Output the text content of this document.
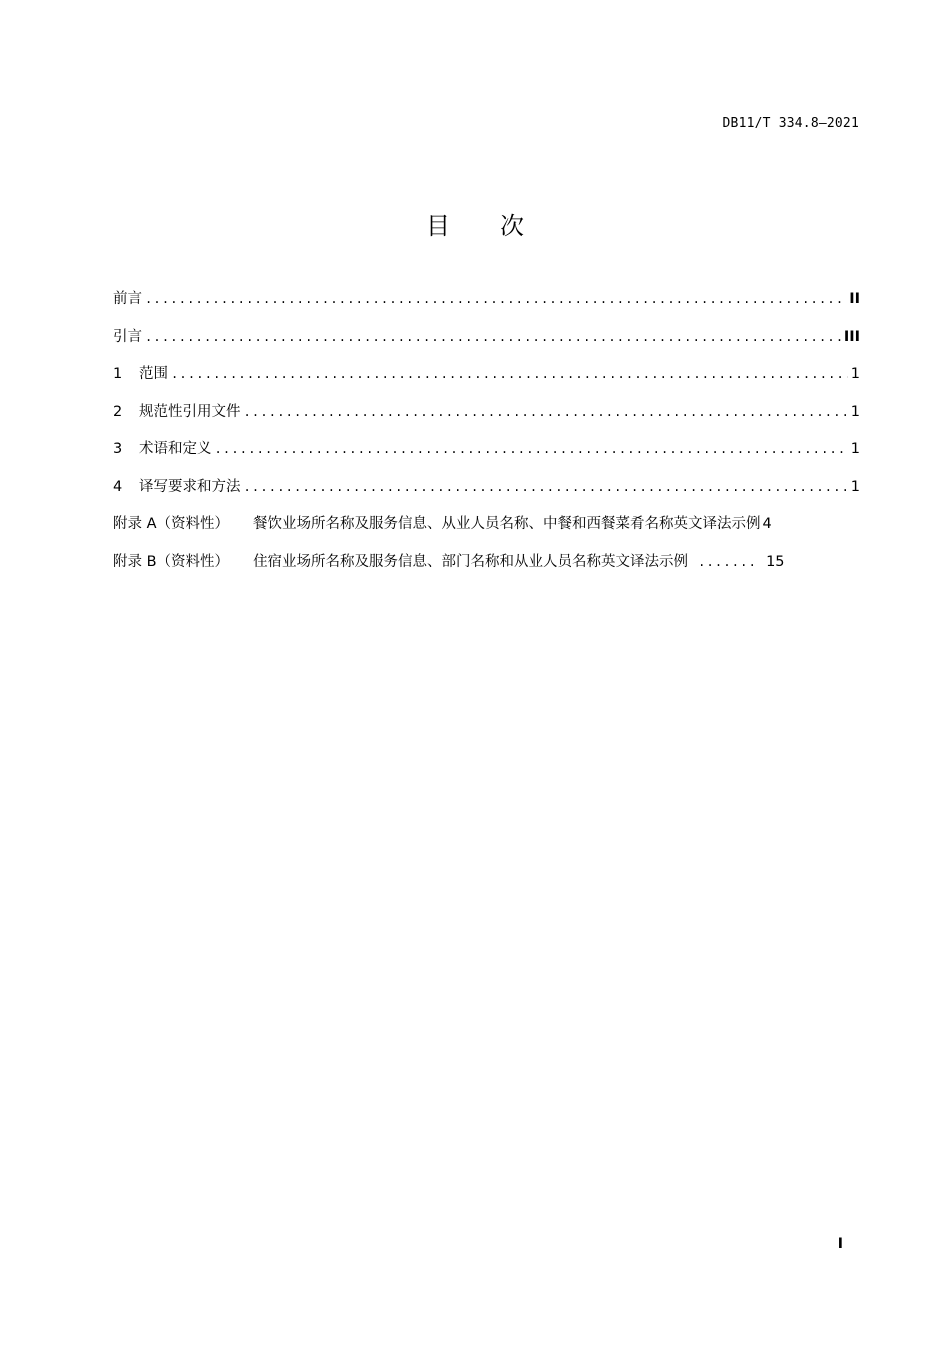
DB11/T 334.8—2021
目 次
前言 .....	II
引言 .....	III
1	范围 .....	1
2	规范性引用文件 .....	1
3	术语和定义 .....	1
4	译写要求和方法 .....	1
附录 A（资料性） 餐饮业场所名称及服务信息、从业人员名称、中餐和西餐菜肴名称英文译法示例 4
附录 B（资料性） 住宿业场所名称及服务信息、部门名称和从业人员名称英文译法示例 .....	15
I
